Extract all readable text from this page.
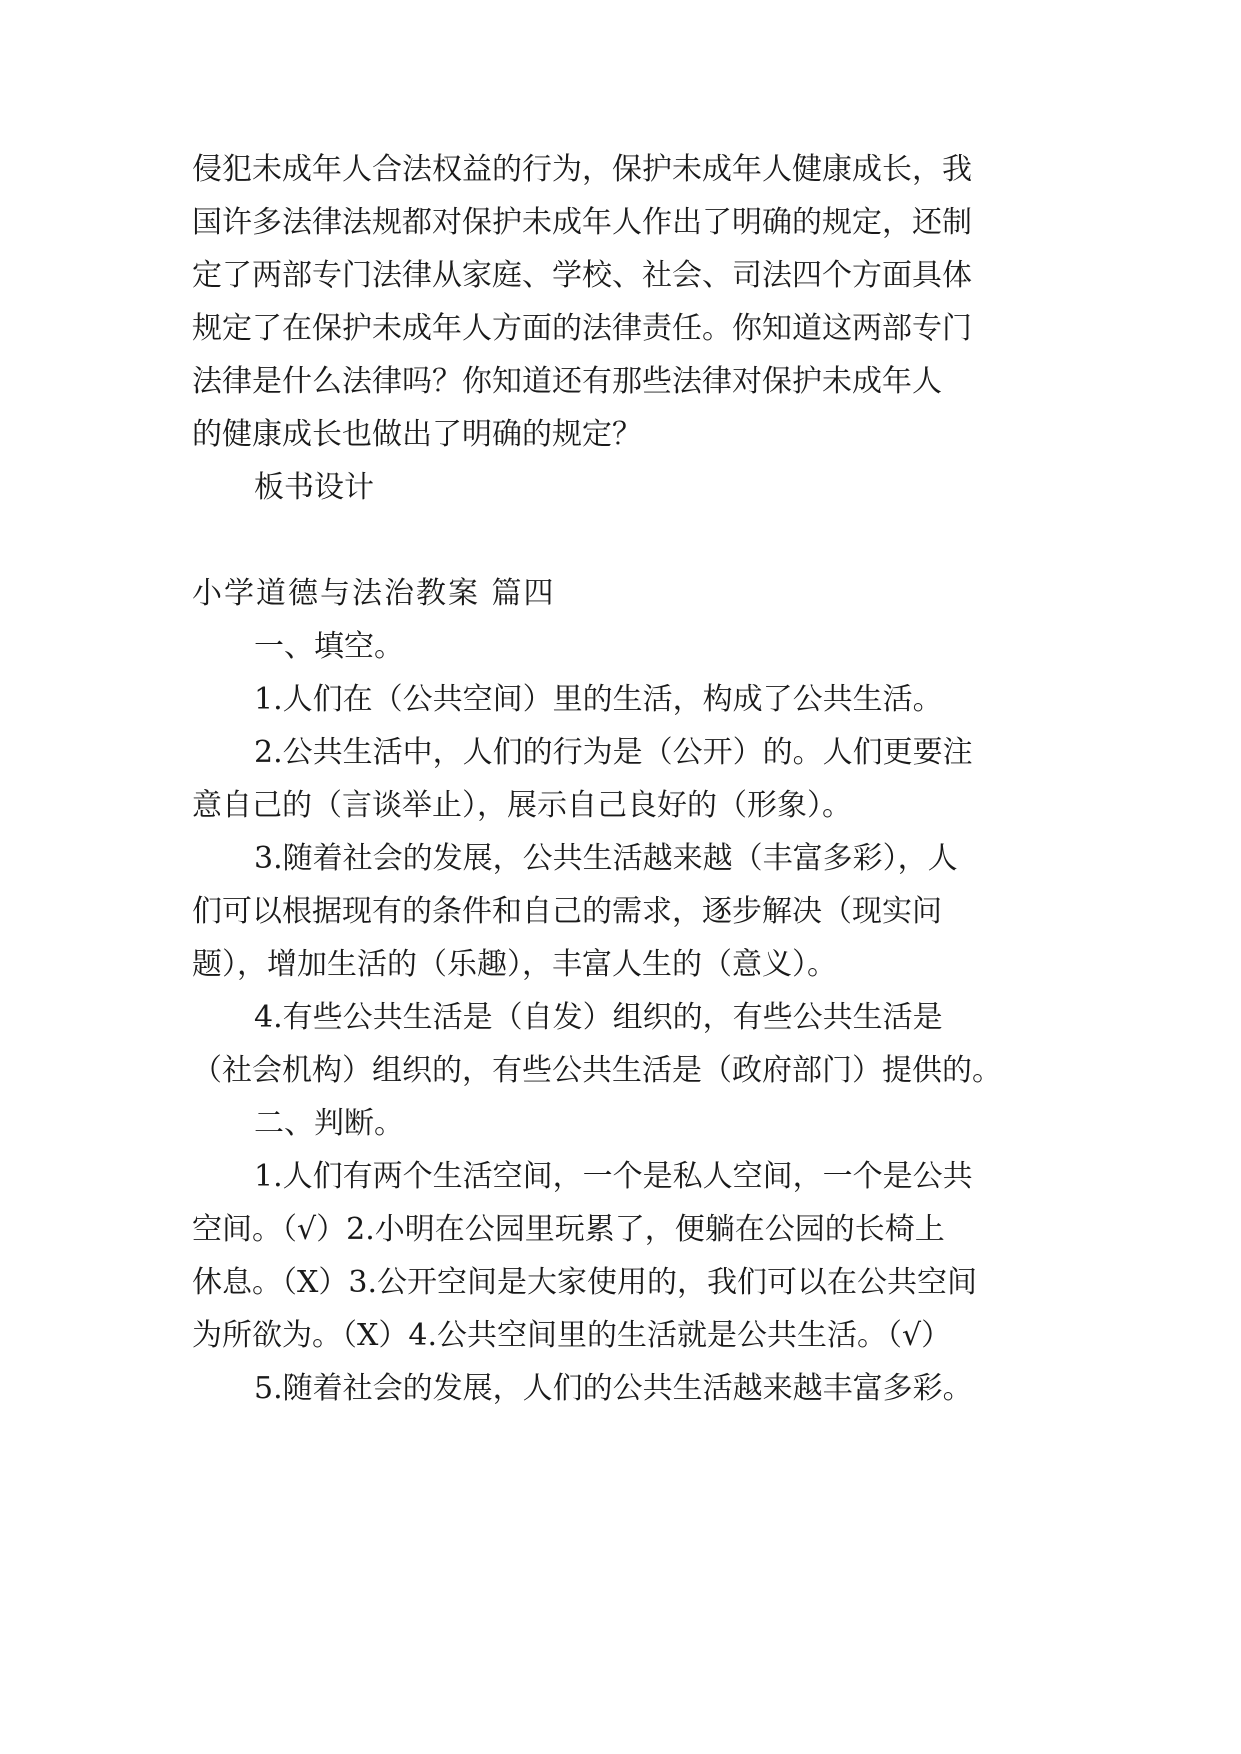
侵犯未成年人合法权益的行为，保护未成年人健康成长，我
国许多法律法规都对保护未成年人作出了明确的规定，还制
定了两部专门法律从家庭、学校、社会、司法四个方面具体
规定了在保护未成年人方面的法律责任。你知道这两部专门
法律是什么法律吗？你知道还有那些法律对保护未成年人
的健康成长也做出了明确的规定？
板书设计
小学道德与法治教案 篇四
一、填空。
1.人们在（公共空间）里的生活，构成了公共生活。
2.公共生活中，人们的行为是（公开）的。人们更要注
意自己的（言谈举止），展示自己良好的（形象）。
3.随着社会的发展，公共生活越来越（丰富多彩），人
们可以根据现有的条件和自己的需求，逐步解决（现实问
题），增加生活的（乐趣），丰富人生的（意义）。
4.有些公共生活是（自发）组织的，有些公共生活是
（社会机构）组织的，有些公共生活是（政府部门）提供的。
二、判断。
1.人们有两个生活空间，一个是私人空间，一个是公共
空间。（√）2.小明在公园里玩累了，便躺在公园的长椅上
休息。（X）3.公开空间是大家使用的，我们可以在公共空间
为所欲为。（X）4.公共空间里的生活就是公共生活。（√）
5.随着社会的发展，人们的公共生活越来越丰富多彩。
